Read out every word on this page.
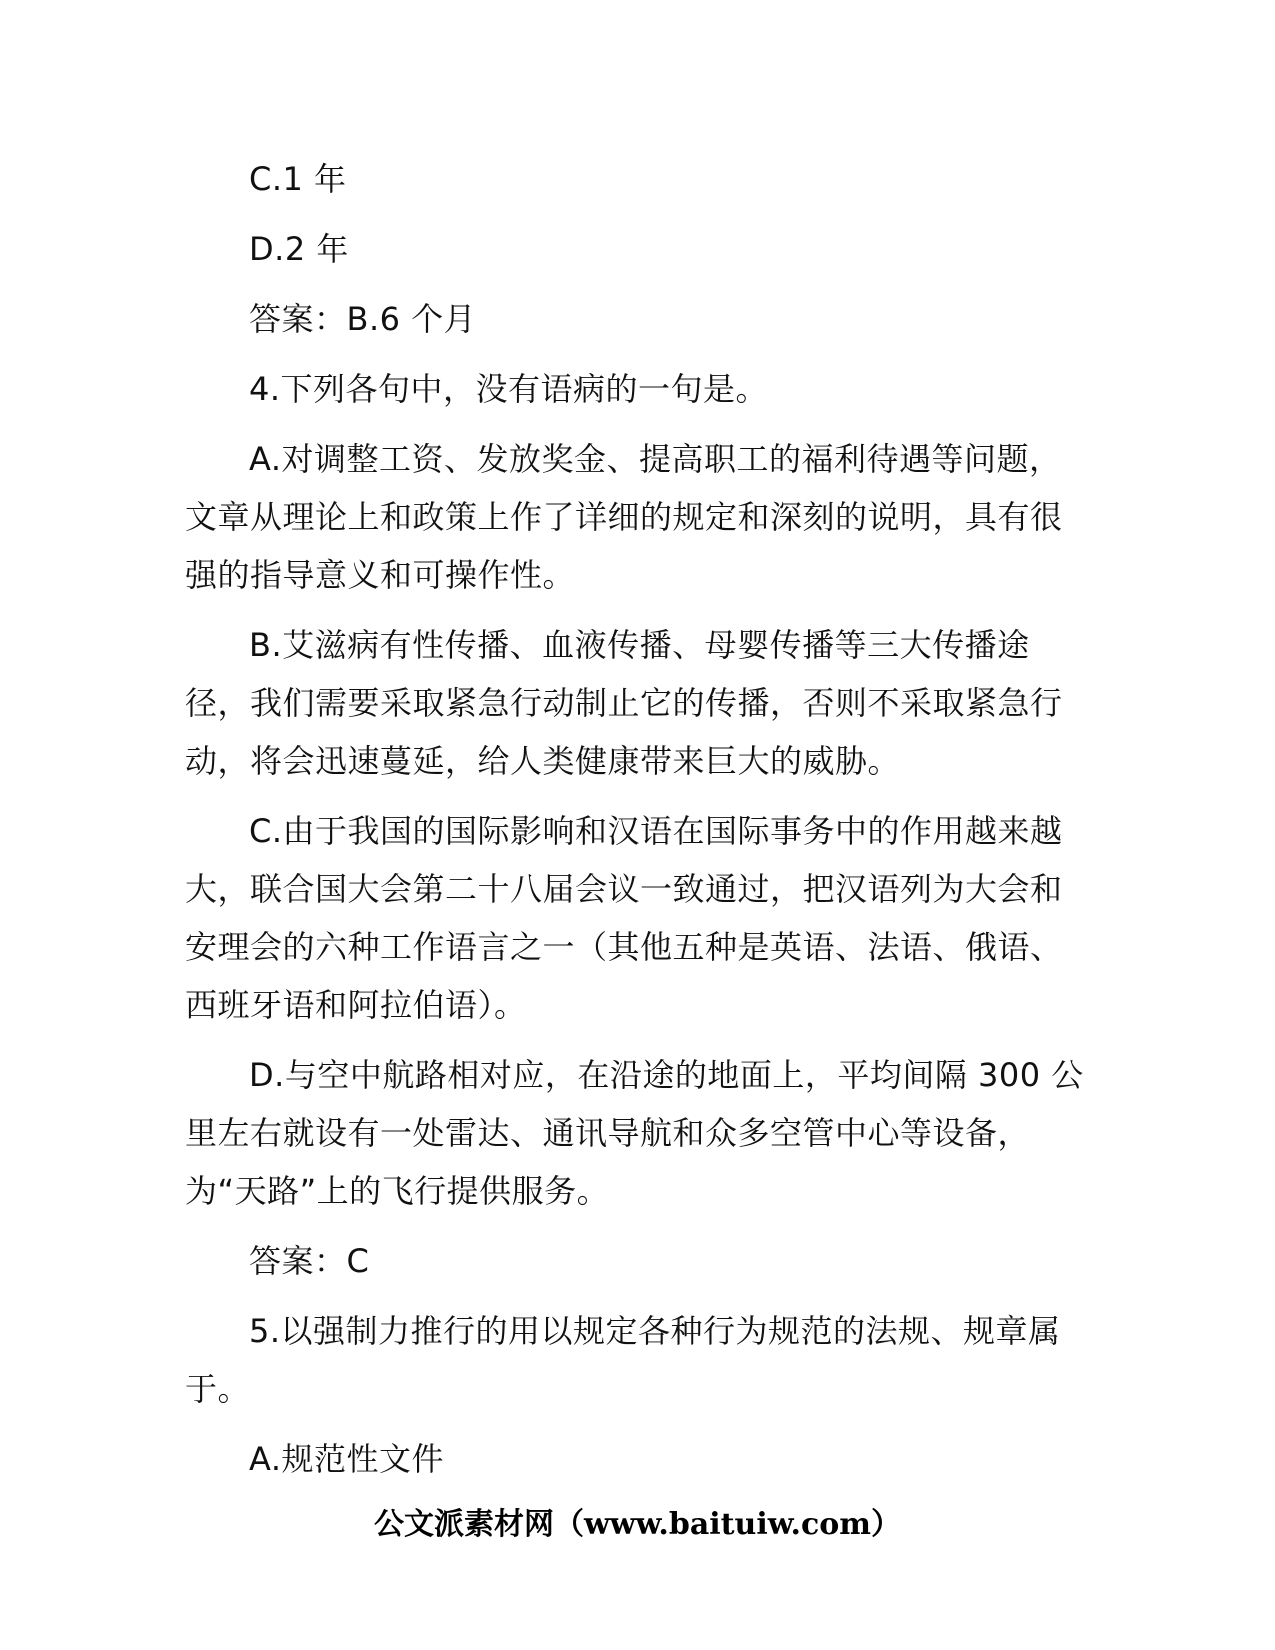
C.1 年

D.2 年

答案：B.6 个月

4.下列各句中，没有语病的一句是。

A.对调整工资、发放奖金、提高职工的福利待遇等问题，文章从理论上和政策上作了详细的规定和深刻的说明，具有很强的指导意义和可操作性。

B.艾滋病有性传播、血液传播、母婴传播等三大传播途径，我们需要采取紧急行动制止它的传播，否则不采取紧急行动，将会迅速蔓延，给人类健康带来巨大的威胁。

C.由于我国的国际影响和汉语在国际事务中的作用越来越大，联合国大会第二十八届会议一致通过，把汉语列为大会和安理会的六种工作语言之一（其他五种是英语、法语、俄语、西班牙语和阿拉伯语）。

D.与空中航路相对应，在沿途的地面上，平均间隔 300 公里左右就设有一处雷达、通讯导航和众多空管中心等设备，为“天路”上的飞行提供服务。

答案：C

5.以强制力推行的用以规定各种行为规范的法规、规章属于。

A.规范性文件

公文派素材网（www.baituiw.com）
